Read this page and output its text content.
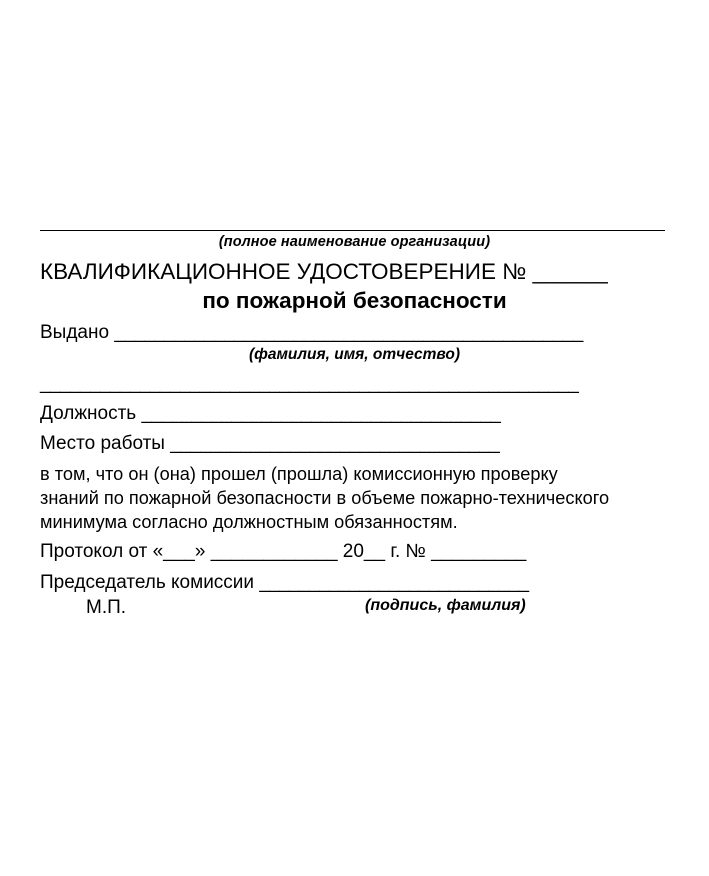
(полное наименование организации)
КВАЛИФИКАЦИОННОЕ УДОСТОВЕРЕНИЕ № ______
по пожарной безопасности
Выдано _______________________________________________
(фамилия, имя, отчество)
______________________________________________________
Должность ____________________________________
Место работы _________________________________
в том, что он (она) прошел (прошла) комиссионную проверку
знаний по пожарной безопасности в объеме пожарно-технического
минимума согласно должностным обязанностям.
Протокол от «___» ____________ 20__ г. № _________
Председатель комиссии ___________________________
М.П.	(подпись, фамилия)
